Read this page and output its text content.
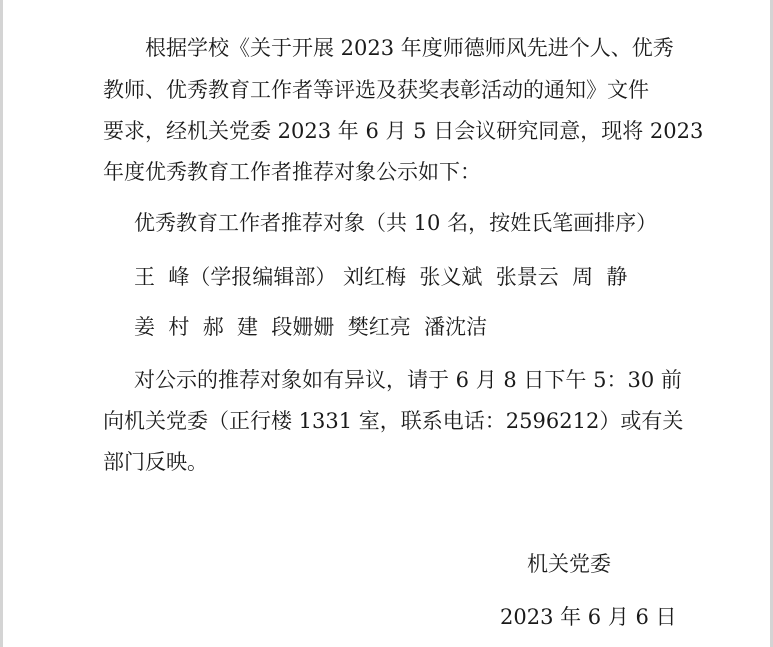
根据学校《关于开展 2023 年度师德师风先进个人、优秀
教师、优秀教育工作者等评选及获奖表彰活动的通知》文件
要求，经机关党委 2023 年 6 月 5 日会议研究同意，现将 2023
年度优秀教育工作者推荐对象公示如下：
优秀教育工作者推荐对象（共 10 名，按姓氏笔画排序）
王  峰（学报编辑部） 刘红梅  张义斌  张景云  周  静
姜  村  郝  建  段姗姗  樊红亮  潘沈洁
对公示的推荐对象如有异议，请于 6 月 8 日下午 5：30 前
向机关党委（正行楼 1331 室，联系电话：2596212）或有关
部门反映。
机关党委
2023 年 6 月 6 日
